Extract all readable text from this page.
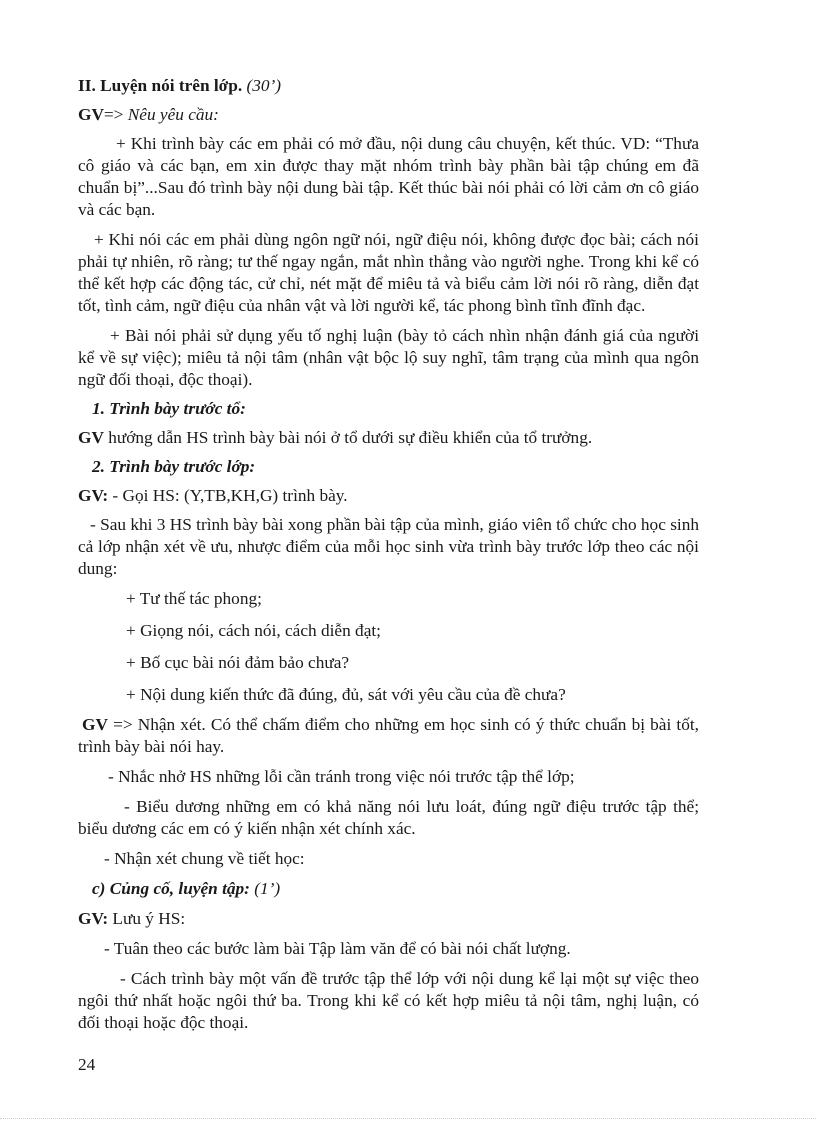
II. Luyện nói trên lớp. (30’)

GV=> Nêu yêu cầu:

+ Khi trình bày các em phải có mở đầu, nội dung câu chuyện, kết thúc. VD: “Thưa cô giáo và các bạn, em xin được thay mặt nhóm trình bày phần bài tập chúng em đã chuẩn bị”...Sau đó trình bày nội dung bài tập. Kết thúc bài nói phải có lời cảm ơn cô giáo và các bạn.

+ Khi nói các em phải dùng ngôn ngữ nói, ngữ điệu nói, không được đọc bài; cách nói phải tự nhiên, rõ ràng; tư thế ngay ngắn, mắt nhìn thẳng vào người nghe. Trong khi kể có thể kết hợp các động tác, cử chỉ, nét mặt để miêu tả và biểu cảm lời nói rõ ràng, diễn đạt tốt, tình cảm, ngữ điệu của nhân vật và lời người kể, tác phong bình tĩnh đĩnh đạc.

+ Bài nói phải sử dụng yếu tố nghị luận (bày tỏ cách nhìn nhận đánh giá của người kể về sự việc); miêu tả nội tâm (nhân vật bộc lộ suy nghĩ, tâm trạng của mình qua ngôn ngữ đối thoại, độc thoại).

1. Trình bày trước tổ:

GV hướng dẫn HS trình bày bài nói ở tổ dưới sự điều khiển của tổ trưởng.

2. Trình bày trước lớp:

GV: - Gọi HS: (Y,TB,KH,G) trình bày.

- Sau khi 3 HS trình bày bài xong phần bài tập của mình, giáo viên tổ chức cho học sinh cả lớp nhận xét về ưu, nhược điểm của mỗi học sinh vừa trình bày trước lớp theo các nội dung:

+ Tư thế tác phong;

+ Giọng nói, cách nói, cách diễn đạt;

+ Bố cục bài nói đảm bảo chưa?

+ Nội dung kiến thức đã đúng, đủ, sát với yêu cầu của đề chưa?

GV => Nhận xét. Có thể chấm điểm cho những em học sinh có ý thức chuẩn bị bài tốt, trình bày bài nói hay.

- Nhắc nhở HS những lỗi cần tránh trong việc nói trước tập thể lớp;

- Biểu dương những em có khả năng nói lưu loát, đúng ngữ điệu trước tập thể; biểu dương các em có ý kiến nhận xét chính xác.

- Nhận xét chung về tiết học:

c) Củng cố, luyện tập: (1’)

GV: Lưu ý HS:

- Tuân theo các bước làm bài Tập làm văn để có bài nói chất lượng.

- Cách trình bày một vấn đề trước tập thể lớp với nội dung kể lại một sự việc theo ngôi thứ nhất hoặc ngôi thứ ba. Trong khi kể có kết hợp miêu tả nội tâm, nghị luận, có đối thoại hoặc độc thoại.

24
